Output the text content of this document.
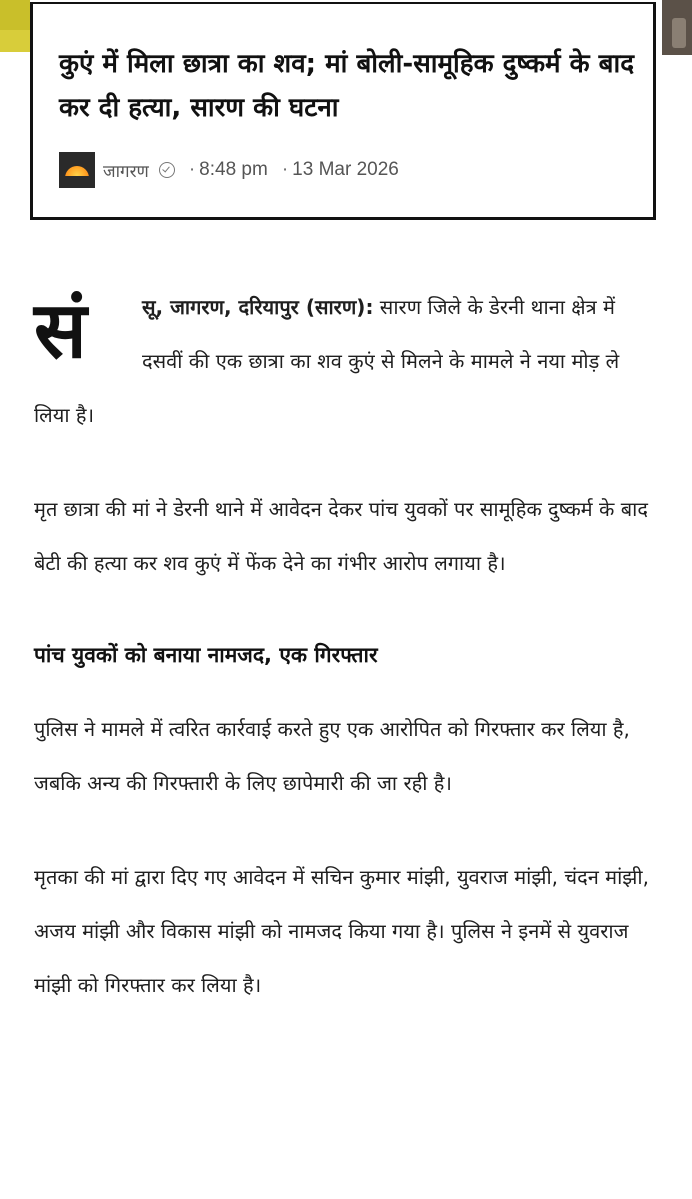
कुएं में मिला छात्रा का शव; मां बोली-सामूहिक दुष्कर्म के बाद कर दी हत्या, सारण की घटना
जागरण · 8:48 pm · 13 Mar 2026

सं	सू, जागरण, दरियापुर (सारण): सारण जिले के डेरनी थाना क्षेत्र में दसवीं की एक छात्रा का शव कुएं से मिलने के मामले ने नया मोड़ ले लिया है।

मृत छात्रा की मां ने डेरनी थाने में आवेदन देकर पांच युवकों पर सामूहिक दुष्कर्म के बाद बेटी की हत्या कर शव कुएं में फेंक देने का गंभीर आरोप लगाया है।

पांच युवकों को बनाया नामजद, एक गिरफ्तार

पुलिस ने मामले में त्वरित कार्रवाई करते हुए एक आरोपित को गिरफ्तार कर लिया है, जबकि अन्य की गिरफ्तारी के लिए छापेमारी की जा रही है।

मृतका की मां द्वारा दिए गए आवेदन में सचिन कुमार मांझी, युवराज मांझी, चंदन मांझी, अजय मांझी और विकास मांझी को नामजद किया गया है। पुलिस ने इनमें से युवराज मांझी को गिरफ्तार कर लिया है।
